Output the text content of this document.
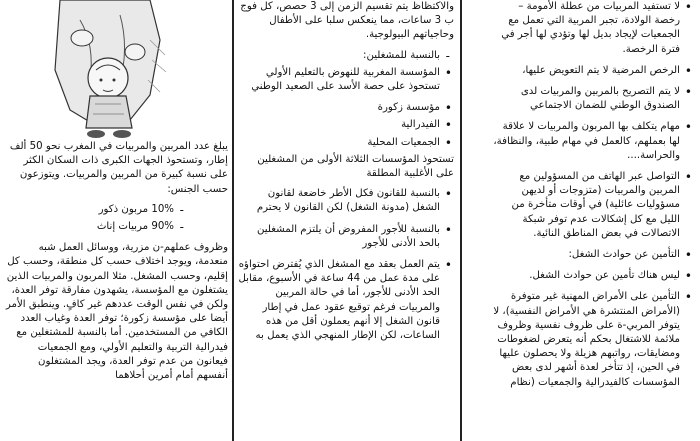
• لا تستفيد المربيات من عطلة الأمومة – رخصة الولادة، تجبر المربية التي تعمل مع الجمعيات لإيجاد بديل لها وتؤدي لها أجر في فترة الرخصة.
• الرخص المرضية لا يتم التعويض عليها،
• لا يتم التصريح بالمربين والمربيات لدى الصندوق الوطني للضمان الاجتماعي
• مهام يتكلف بها المربون والمربيات لا علاقة لها بعملهم، كالعمل في مهام طبية، والنظافة، والحراسة....
• التواصل عبر الهاتف من المسؤولين مع المربين والمربيات (متزوجات أو لديهن مسؤوليات عائلية) في أوقات متأخرة من الليل مع كل إشكالات عدم توفر شبكة الاتصالات في بعض المناطق النائية.
• التأمين عن حوادث الشغل:
• ليس هناك تأمين عن حوادث الشغل.
• التأمين على الأمراض المهنية غير متوفرة (الأمراض المنتشرة هي الأمراض النفسية)، لا يتوفر المربي-ة على ظروف نفسية وظروف ملائمة للاشتغال بحكم أنه يتعرض لضغوطات ومضايقات، رواتبهم هزيلة ولا يحصلون عليها في الحين، إذ تتأخر لعدة أشهر لدى بعض المؤسسات كالفيدرالية والجمعيات (نظام

والاكتظاظ يتم تقسيم الزمن إلى 3 حصص، كل فوج ب 3 ساعات، مما ينعكس سلبا على الأطفال وحاجياتهم البيولوجية.

- بالنسبة للمشغلين:
• المؤسسة المغربية للنهوض بالتعليم الأولي تستحوذ على حصة الأسد على الصعيد الوطني
• مؤسسة زكورة
• الفيدرالية
• الجمعيات المحلية

تستحوذ المؤسسات الثلاثة الأولى من المشغلين على الأغلبية المطلقة

• بالنسبة للقانون فكل الأطر خاضعة لقانون الشغل (مدونة الشغل) لكن القانون لا يحترم
• بالنسبة للأجور المفروض أن يلتزم المشغلين بالحد الأدنى للأجور
• يتم العمل بعقد مع المشغل الذي يُفترض احتواؤه على مدة عمل من 44 ساعة في الأسبوع، مقابل الحد الأدنى للأجور، أما في حالة المربين والمربيات فرغم توقيع عقود عمل في إطار قانون الشغل إلا أنهم يعملون أقل من هذه الساعات، لكن الإطار المنهجي الذي يعمل به

يبلغ عدد المربين والمربيات في المغرب نحو 50 ألف إطار، وتستحوذ الجهات الكبرى ذات السكان الكثر على نسبة كبيرة من المربين والمربيات. ويتوزعون حسب الجنس:

- 10% مربون ذكور
- 90% مربيات إناث

وظروف عملهم-ن مزرية، ووسائل العمل شبه منعدمة، ويوجد اختلاف حسب كل منطقة، وحسب كل إقليم، وحسب المشغل. مثلا المربون والمربيات الذين يشتغلون مع المؤسسة، يشهدون مفارقة توفر العدة، ولكن في نفس الوقت عددهم غير كافٍ. وينطبق الأمر أيضا على مؤسسة زكورة؛ توفر العدة وغياب العدد الكافي من المستخدمين. أما بالنسبة للمشتغلين مع فيدرالية التربية والتعليم الأولي، ومع الجمعيات فيعانون من عدم توفر العدة، ويجد المشتغلون أنفسهم أمام أمرين أحلاهما
